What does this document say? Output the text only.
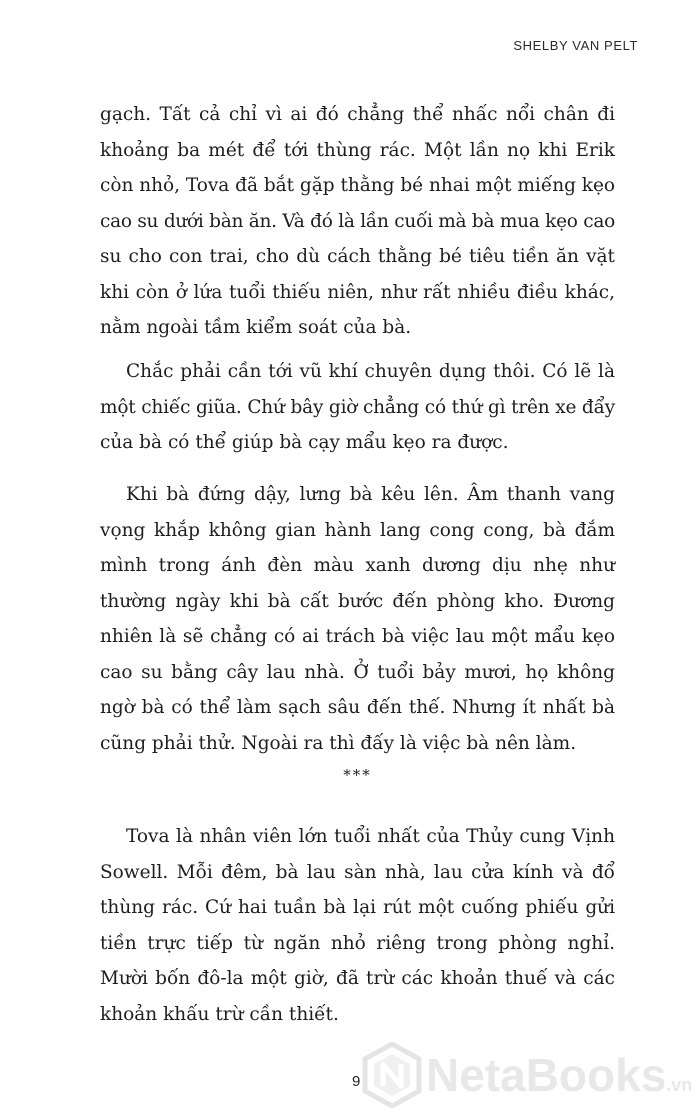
SHELBY VAN PELT
gạch. Tất cả chỉ vì ai đó chẳng thể nhấc nổi chân đi
khoảng ba mét để tới thùng rác. Một lần nọ khi Erik
còn nhỏ, Tova đã bắt gặp thằng bé nhai một miếng kẹo
cao su dưới bàn ăn. Và đó là lần cuối mà bà mua kẹo cao
su cho con trai, cho dù cách thằng bé tiêu tiền ăn vặt
khi còn ở lứa tuổi thiếu niên, như rất nhiều điều khác,
nằm ngoài tầm kiểm soát của bà.
Chắc phải cần tới vũ khí chuyên dụng thôi. Có lẽ là
một chiếc giũa. Chứ bây giờ chẳng có thứ gì trên xe đẩy
của bà có thể giúp bà cạy mẩu kẹo ra được.
Khi bà đứng dậy, lưng bà kêu lên. Âm thanh vang
vọng khắp không gian hành lang cong cong, bà đắm
mình trong ánh đèn màu xanh dương dịu nhẹ như
thường ngày khi bà cất bước đến phòng kho. Đương
nhiên là sẽ chẳng có ai trách bà việc lau một mẩu kẹo
cao su bằng cây lau nhà. Ở tuổi bảy mươi, họ không
ngờ bà có thể làm sạch sâu đến thế. Nhưng ít nhất bà
cũng phải thử. Ngoài ra thì đấy là việc bà nên làm.
***
Tova là nhân viên lớn tuổi nhất của Thủy cung Vịnh
Sowell. Mỗi đêm, bà lau sàn nhà, lau cửa kính và đổ
thùng rác. Cứ hai tuần bà lại rút một cuống phiếu gửi
tiền trực tiếp từ ngăn nhỏ riêng trong phòng nghỉ.
Mười bốn đô-la một giờ, đã trừ các khoản thuế và các
khoản khấu trừ cần thiết.
9 NetaBooks.vn
